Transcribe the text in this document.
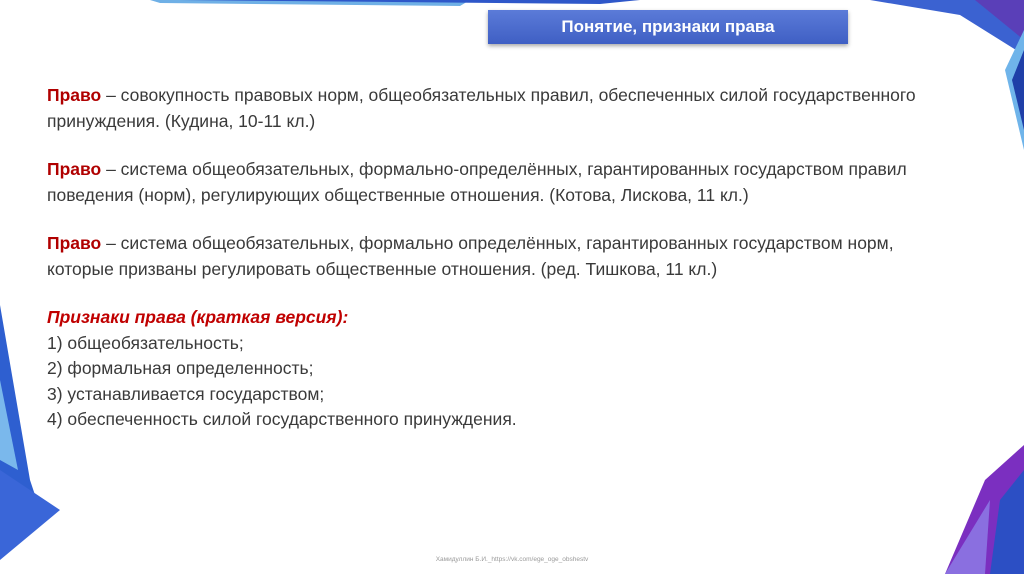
Понятие, признаки права

Право – совокупность правовых норм, общеобязательных правил, обеспеченных силой государственного принуждения. (Кудина, 10-11 кл.)

Право – система общеобязательных, формально-определённых, гарантированных государством правил поведения (норм), регулирующих общественные отношения. (Котова, Лискова, 11 кл.)

Право – система общеобязательных, формально определённых, гарантированных государством норм, которые призваны регулировать общественные отношения. (ред. Тишкова, 11 кл.)

Признаки права (краткая версия):
1) общеобязательность;
2) формальная определенность;
3) устанавливается государством;
4) обеспеченность силой государственного принуждения.
Хамидуллин Б.И._https://vk.com/ege_oge_obshestv
